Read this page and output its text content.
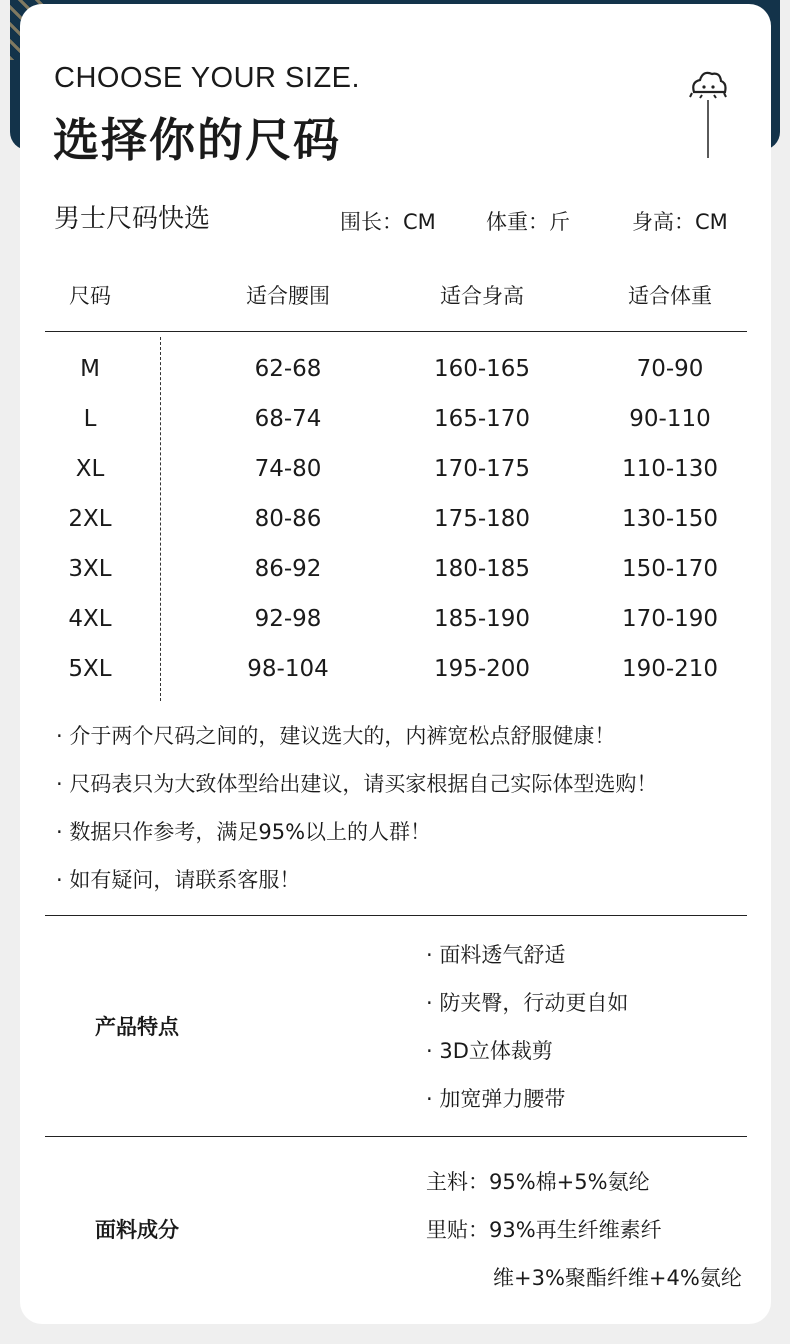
CHOOSE YOUR SIZE.
选择你的尺码
男士尺码快选	围长：CM 体重：斤	身高：CM
尺码	适合腰围	适合身高	适合体重
M	62-68	160-165	70-90
L	68-74	165-170	90-110
XL	74-80	170-175	110-130
2XL	80-86	175-180	130-150
3XL	86-92	180-185	150-170
4XL	92-98	185-190	170-190
5XL	98-104	195-200	190-210
· 介于两个尺码之间的，建议选大的，内裤宽松点舒服健康！
· 尺码表只为大致体型给出建议，请买家根据自己实际体型选购！
· 数据只作参考，满足95%以上的人群！
· 如有疑问，请联系客服！
产品特点
· 面料透气舒适
· 防夹臀，行动更自如
· 3D立体裁剪
· 加宽弹力腰带
面料成分
主料：95%棉+5%氨纶
里贴：93%再生纤维素纤
维+3%聚酯纤维+4%氨纶
